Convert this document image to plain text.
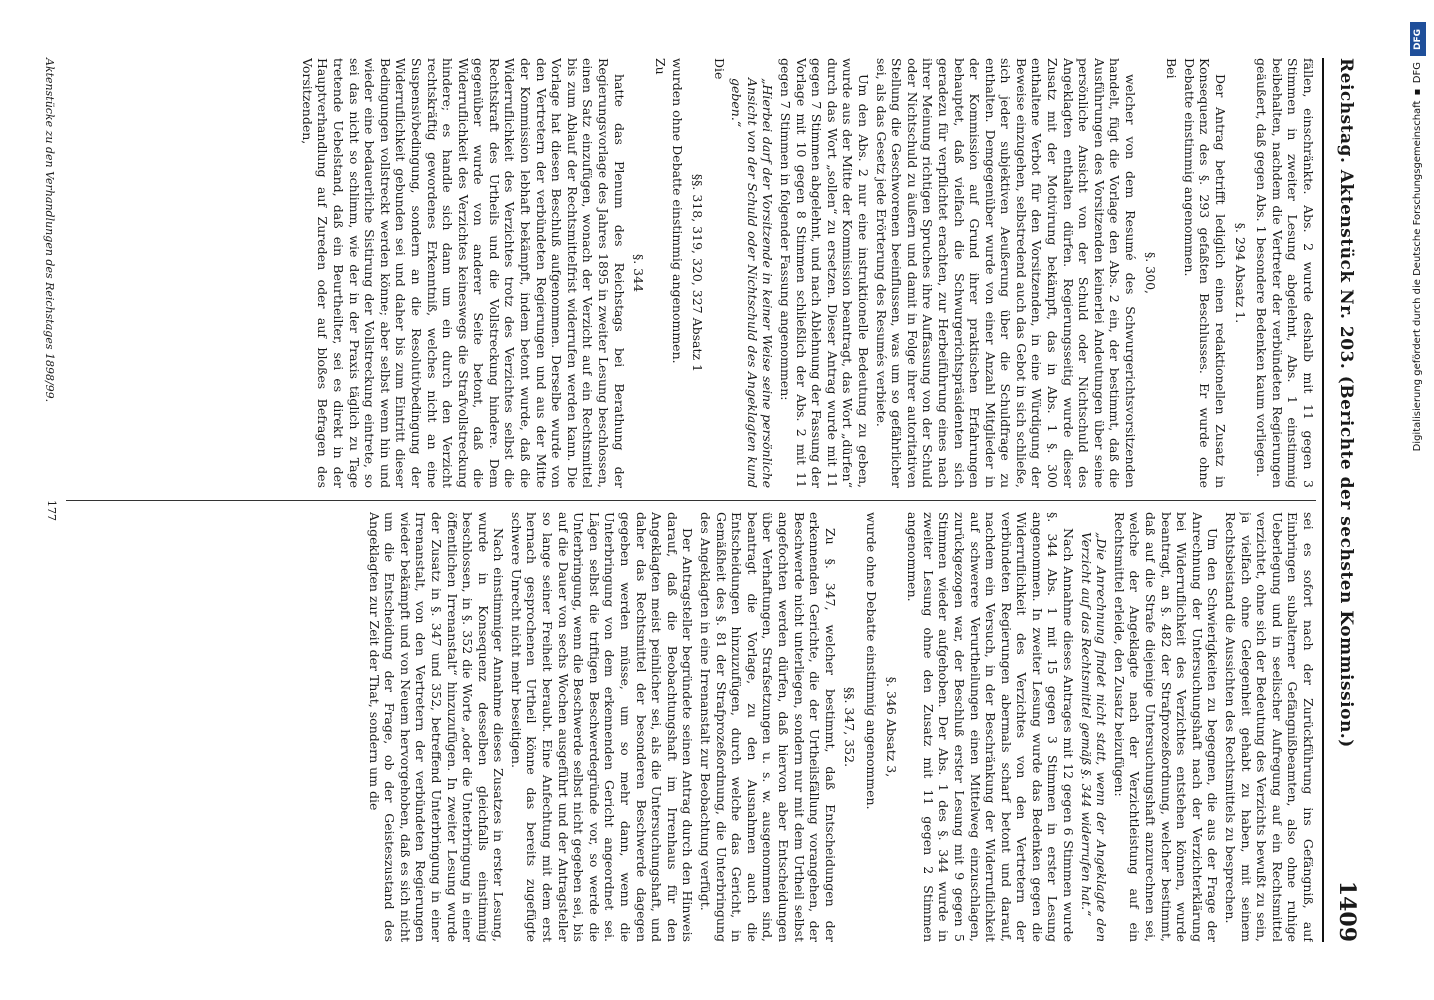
Reichstag. Aktenstück Nr. 203. (Berichte der sechsten Kommission.)
1409

fällen, einschränkte. Abs. 2 wurde deshalb mit 11 gegen 3 Stimmen in zweiter Lesung abgelehnt, Abs. 1 einstimmig beibehalten, nachdem die Vertreter der verbündeten Regierungen geäußert, daß gegen Abs. 1 besondere Bedenken kaum vorliegen.

§. 294 Absatz 1.

Der Antrag betrifft lediglich einen redaktionellen Zusatz in Konsequenz des §. 293 gefaßten Beschlusses. Er wurde ohne Debatte einstimmig angenommen.

Bei

§. 300,

welcher von dem Resumé des Schwurgerichtsvorsitzenden handelt, fügt die Vorlage den Abs. 2 ein, der bestimmt, daß die Ausführungen des Vorsitzenden keinerlei Andeutungen über seine persönliche Ansicht von der Schuld oder Nichtschuld des Angeklagten enthalten dürfen. Regierungsseitig wurde dieser Zusatz mit der Motivirung bekämpft, das in Abs. 1 §. 300 enthaltene Verbot für den Vorsitzenden, in eine Würdigung der Beweise einzugehen, selbstredend auch das Gebot in sich schließe, sich jeder subjektiven Aeußerung über die Schuldfrage zu enthalten. Demgegenüber wurde von einer Anzahl Mitglieder in der Kommission auf Grund ihrer praktischen Erfahrungen behauptet, daß vielfach die Schwurgerichtspräsidenten sich geradezu für verpflichtet erachten, zur Herbeiführung eines nach ihrer Meinung richtigen Spruches ihre Auffassung von der Schuld oder Nichtschuld zu äußern und damit in Folge ihrer autoritativen Stellung die Geschworenen beeinflussen, was um so gefährlicher sei, als das Gesetz jede Erörterung des Resumés verbiete.

Um den Abs. 2 nur eine instruktionelle Bedeutung zu geben, wurde aus der Mitte der Kommission beantragt, das Wort „dürfen“ durch das Wort „sollen“ zu ersetzen. Dieser Antrag wurde mit 11 gegen 7 Stimmen abgelehnt, und nach Ablehnung der Fassung der Vorlage mit 10 gegen 8 Stimmen schließlich der Abs. 2 mit 11 gegen 7 Stimmen in folgender Fassung angenommen:

„Hierbei darf der Vorsitzende in keiner Weise seine persönliche Ansicht von der Schuld oder Nichtschuld des Angeklagten kund geben.“

Die

§§. 318, 319, 320, 327 Absatz 1

wurden ohne Debatte einstimmig angenommen.

Zu

§. 344

hatte das Plenum des Reichstags bei Berathung der Regierungsvorlage des Jahres 1895 in zweiter Lesung beschlossen, einen Satz einzufügen, wonach der Verzicht auf ein Rechtsmittel bis zum Ablauf der Rechtsmittelfrist widerrufen werden kann. Die Vorlage hat diesen Beschluß aufgenommen. Derselbe wurde von den Vertretern der verbündeten Regierungen und aus der Mitte der Kommission lebhaft bekämpft, indem betont wurde, daß die Widerruflichkeit des Verzichtes trotz des Verzichtes selbst die Rechtskraft des Urtheils und die Vollstreckung hindere. Dem gegenüber wurde von anderer Seite betont, daß die Widerruflichkeit des Verzichtes keineswegs die Strafvollstreckung hindere; es handle sich dann um ein durch den Verzicht rechtskräftig gewordenes Erkenntniß, welches nicht an eine Suspensivbedingung, sondern an die Resolutivbedingung der Widerruflichkeit gebunden sei und daher bis zum Eintritt dieser Bedingungen vollstreckt werden könne; aber selbst wenn hin und wieder eine bedauerliche Sistirung der Vollstreckung eintrete, so sei das nicht so schlimm, wie der in der Praxis täglich zu Tage tretende Uebelstand, daß ein Beurtheilter, sei es direkt in der Hauptverhandlung auf Zureden oder auf bloßes Befragen des Vorsitzenden,

sei es sofort nach der Zurückführung ins Gefängniß, auf Einbringen subalterner Gefängnißbeamten, also ohne ruhige Ueberlegung und in seelischer Aufregung auf ein Rechtsmittel verzichtet, ohne sich der Bedeutung des Verzichts bewußt zu sein, ja vielfach ohne Gelegenheit gehabt zu haben, mit seinem Rechtsbeistand die Aussichten des Rechtsmittels zu besprechen.

Um den Schwierigkeiten zu begegnen, die aus der Frage der Anrechnung der Untersuchungshaft nach der Verzichterklärung bei Widerruflichkeit des Verzichtes entstehen können, wurde beantragt, an §. 482 der Strafprozeßordnung, welcher bestimmt, daß auf die Strafe diejenige Untersuchungshaft anzurechnen sei, welche der Angeklagte nach der Verzichtleistung auf ein Rechtsmittel erleide, den Zusatz beizufügen:

„Die Anrechnung findet nicht statt, wenn der Angeklagte den Verzicht auf das Rechtsmittel gemäß §. 344 widerrufen hat.“

Nach Annahme dieses Antrages mit 12 gegen 6 Stimmen wurde §. 344 Abs. 1 mit 15 gegen 3 Stimmen in erster Lesung angenommen. In zweiter Lesung wurde das Bedenken gegen die Widerruflichkeit des Verzichtes von den Vertretern der verbündeten Regierungen abermals scharf betont und darauf, nachdem ein Versuch, in der Beschränkung der Widerruflichkeit auf schwerere Verurtheilungen einen Mittelweg einzuschlagen, zurückgezogen war, der Beschluß erster Lesung mit 9 gegen 5 Stimmen wieder aufgehoben. Der Abs. 1 des §. 344 wurde in zweiter Lesung ohne den Zusatz mit 11 gegen 2 Stimmen angenommen.

§. 346 Absatz 3,

wurde ohne Debatte einstimmig angenommen.

§§. 347, 352.

Zu §. 347, welcher bestimmt, daß Entscheidungen der erkennenden Gerichte, die der Urtheilsfällung vorangehen, der Beschwerde nicht unterliegen, sondern nur mit dem Urtheil selbst angefochten werden dürfen, daß hiervon aber Entscheidungen über Verhaftungen, Strafsetzungen u. s. w. ausgenommen sind, beantragt die Vorlage, zu den Ausnahmen auch die Entscheidungen hinzuzufügen, durch welche das Gericht, in Gemäßheit des §. 81 der Strafprozeßordnung, die Unterbringung des Angeklagten in eine Irrenanstalt zur Beobachtung verfügt.

Der Antragsteller begründete seinen Antrag durch den Hinweis darauf, daß die Beobachtungshaft im Irrenhaus für den Angeklagten meist peinlicher sei, als die Untersuchungshaft, und daher das Rechtsmittel der besonderen Beschwerde dagegen gegeben werden müsse, um so mehr dann, wenn die Unterbringung von dem erkennenden Gericht angeordnet sei. Lägen selbst die triftigen Beschwerdegründe vor, so werde die Unterbringung, wenn die Beschwerde selbst nicht gegeben sei, bis auf die Dauer von sechs Wochen ausgeführt und der Antragsteller so lange seiner Freiheit beraubt. Eine Anfechtung mit dem erst hernach gesprochenen Urtheil könne das bereits zugefügte schwere Unrecht nicht mehr beseitigen.

Nach einstimmiger Annahme dieses Zusatzes in erster Lesung, wurde in Konsequenz desselben gleichfalls einstimmig beschlossen, in §. 352 die Worte „oder die Unterbringung in einer öffentlichen Irrenanstalt“ hinzuzufügen. In zweiter Lesung wurde der Zusatz in §. 347 und 352, betreffend Unterbringung in einer Irrenanstalt, von den Vertretern der verbündeten Regierungen wieder bekämpft und von Neuem hervorgehoben, daß es sich nicht um die Entscheidung der Frage, ob der Geisteszustand des Angeklagten zur Zeit der That, sondern um die

Aktenstücke zu den Verhandlungen des Reichstages 1898/99.
177
DFG
Digitalisierung gefördert durch die Deutsche Forschungsgemeinschaft ▪ DFG
